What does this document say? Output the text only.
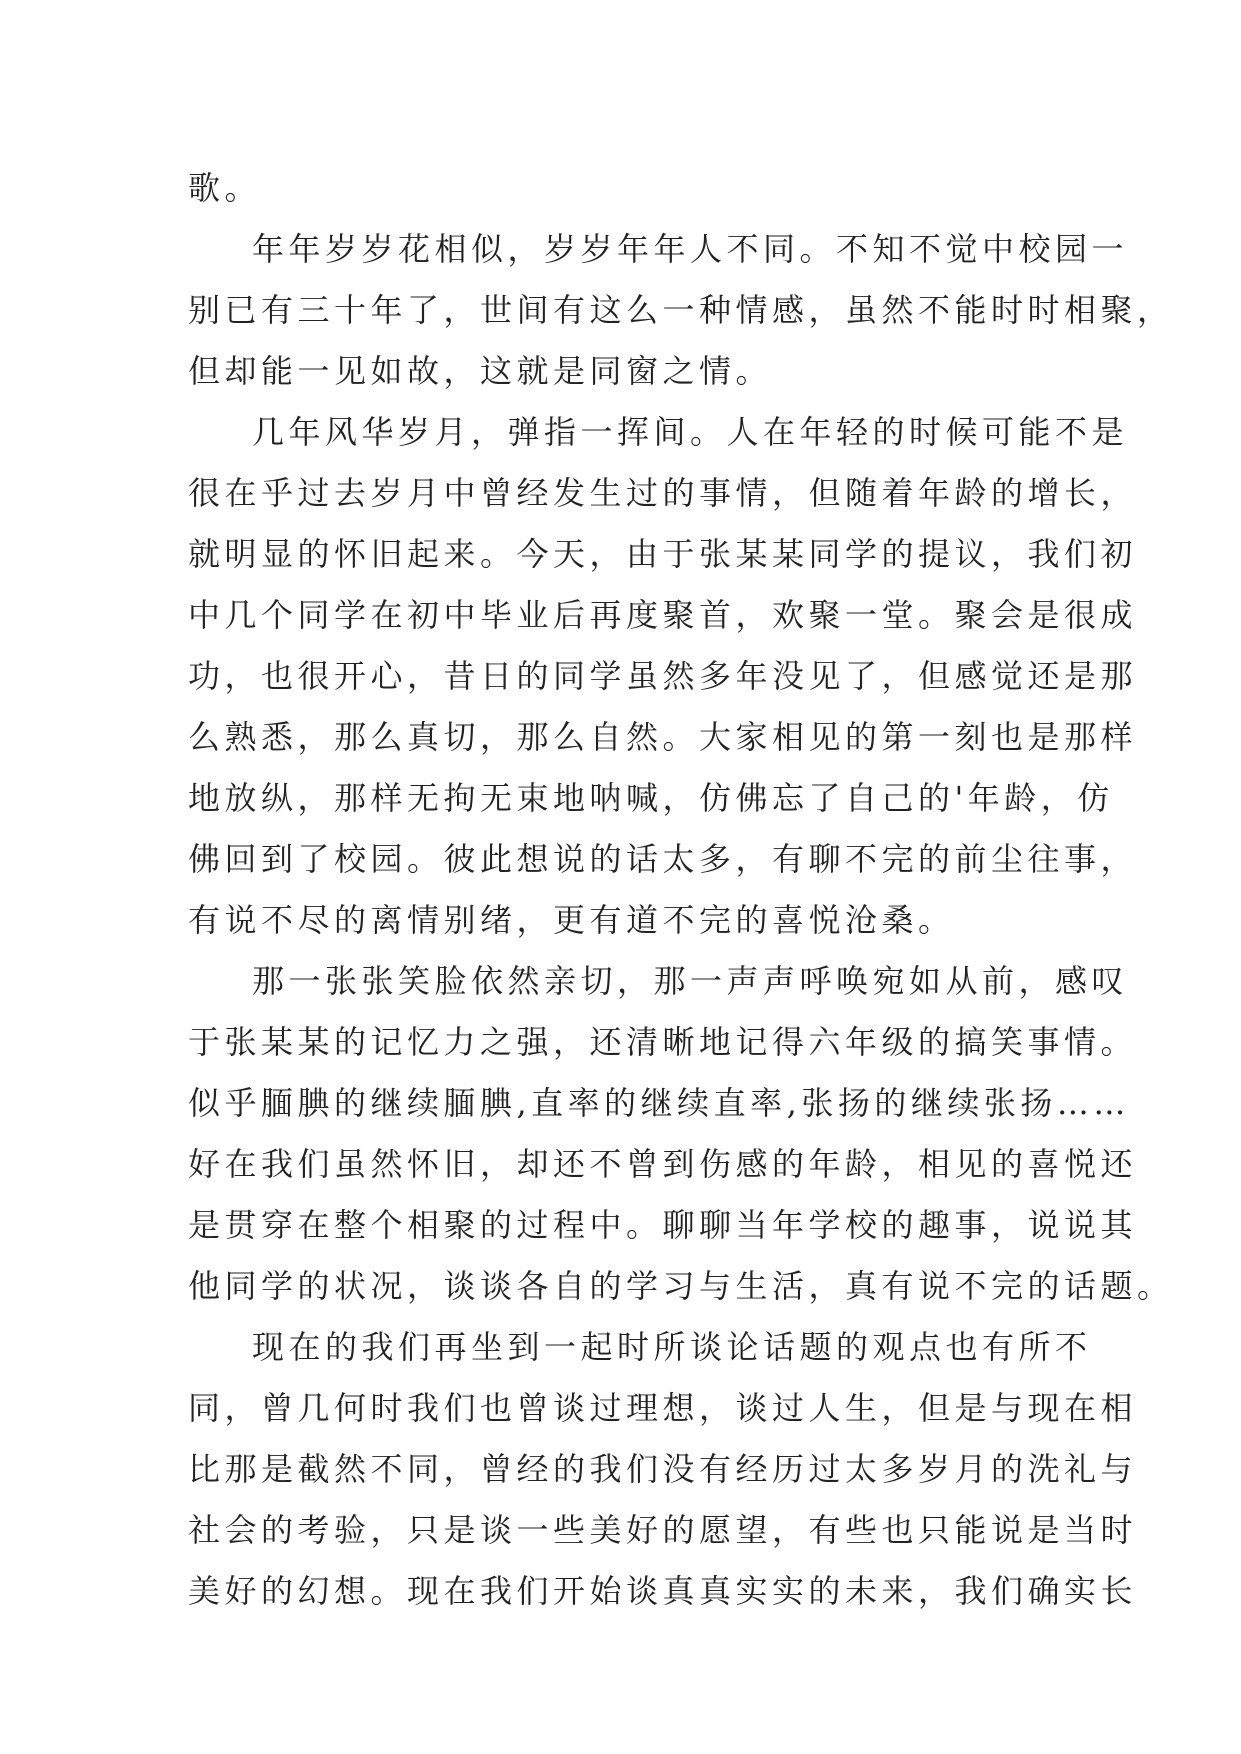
歌。
年年岁岁花相似，岁岁年年人不同。不知不觉中校园一
别已有三十年了，世间有这么一种情感，虽然不能时时相聚，
但却能一见如故，这就是同窗之情。
几年风华岁月，弹指一挥间。人在年轻的时候可能不是
很在乎过去岁月中曾经发生过的事情，但随着年龄的增长，
就明显的怀旧起来。今天，由于张某某同学的提议，我们初
中几个同学在初中毕业后再度聚首，欢聚一堂。聚会是很成
功，也很开心，昔日的同学虽然多年没见了，但感觉还是那
么熟悉，那么真切，那么自然。大家相见的第一刻也是那样
地放纵，那样无拘无束地呐喊，仿佛忘了自己的'年龄，仿
佛回到了校园。彼此想说的话太多，有聊不完的前尘往事，
有说不尽的离情别绪，更有道不完的喜悦沧桑。
那一张张笑脸依然亲切，那一声声呼唤宛如从前，感叹
于张某某的记忆力之强，还清晰地记得六年级的搞笑事情。
似乎腼腆的继续腼腆,直率的继续直率,张扬的继续张扬……
好在我们虽然怀旧，却还不曾到伤感的年龄，相见的喜悦还
是贯穿在整个相聚的过程中。聊聊当年学校的趣事，说说其
他同学的状况，谈谈各自的学习与生活，真有说不完的话题。
现在的我们再坐到一起时所谈论话题的观点也有所不
同，曾几何时我们也曾谈过理想，谈过人生，但是与现在相
比那是截然不同，曾经的我们没有经历过太多岁月的洗礼与
社会的考验，只是谈一些美好的愿望，有些也只能说是当时
美好的幻想。现在我们开始谈真真实实的未来，我们确实长
